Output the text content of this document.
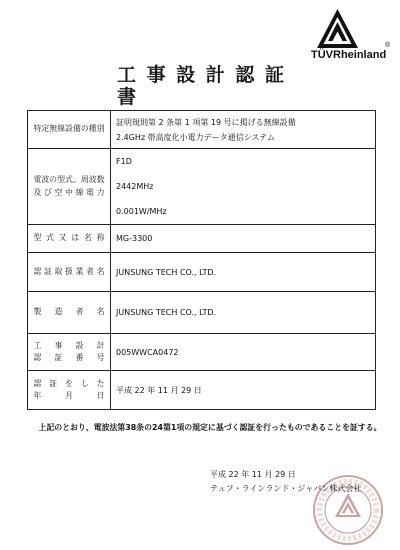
TÜVRheinland
®
工 事 設 計 認 証 書
特定無線設備の種別
証明規則第 2 条第 1 項第 19 号に掲げる無線設備
2.4GHz 帯高度化小電力データ通信システム
電波の型式、周波数
及 び 空 中 線 電 力
F1D
2442MHz
0.001W/MHz
型 式 又 は 名 称 MG-3300
認 証 取 扱 業 者 名 JUNSUNG TECH CO., LTD.
製 造 者 名 JUNSUNG TECH CO., LTD.
工 事 設 計
認 証 番 号
005WWCA0472
認 証 を し た
年 月 日
平成 22 年 11 月 29 日
上記のとおり、電波法第38条の24第1項の規定に基づく認証を行ったものであることを証する。
平成 22 年 11 月 29 日
テュフ・ラインランド・ジャパン株式会社
